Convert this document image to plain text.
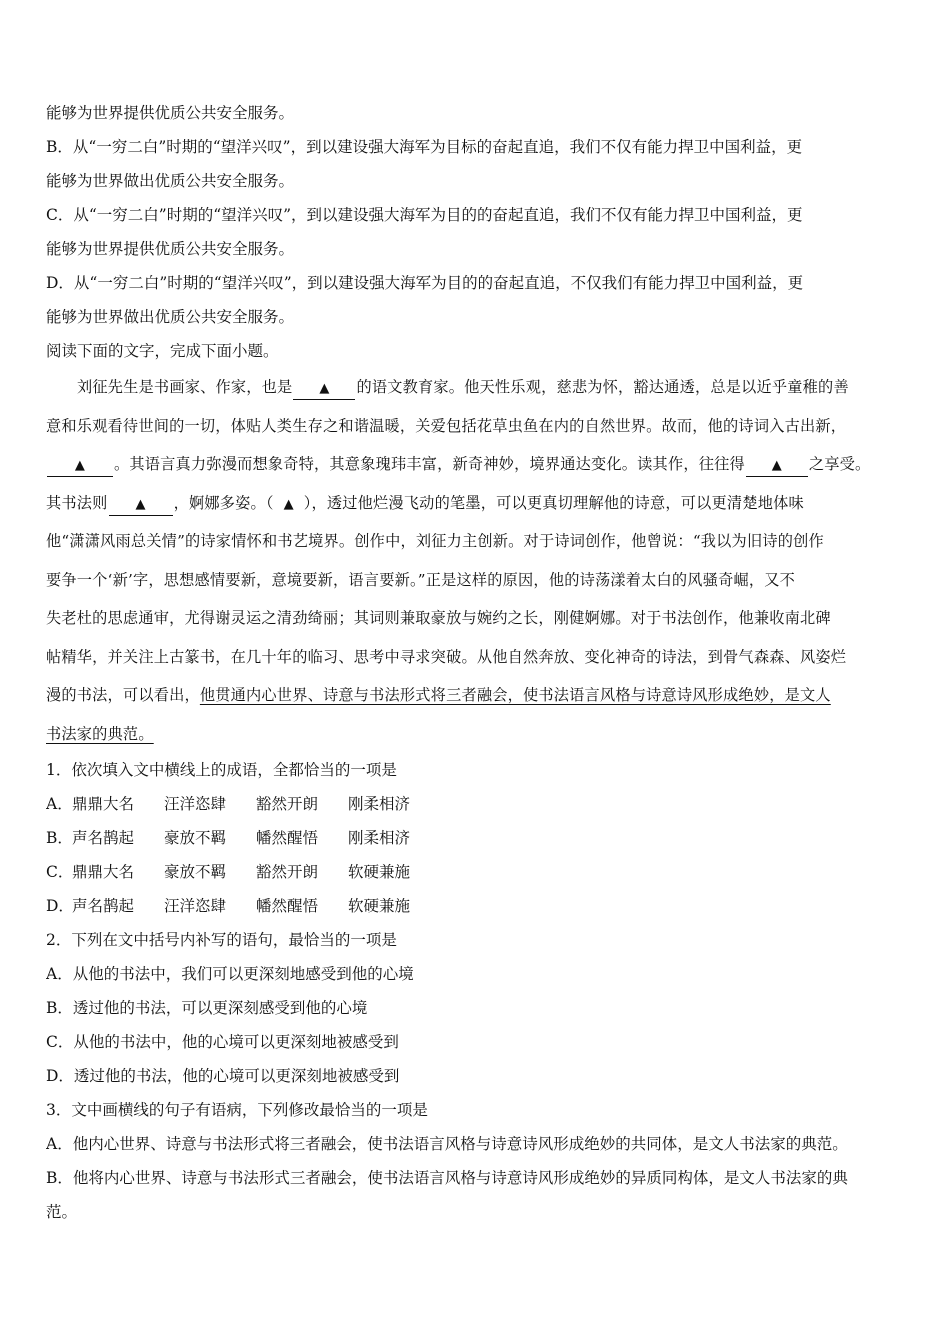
能够为世界提供优质公共安全服务。
B．从“一穷二白”时期的“望洋兴叹”，到以建设强大海军为目标的奋起直追，我们不仅有能力捍卫中国利益，更
能够为世界做出优质公共安全服务。
C．从“一穷二白”时期的“望洋兴叹”，到以建设强大海军为目的的奋起直追，我们不仅有能力捍卫中国利益，更
能够为世界提供优质公共安全服务。
D．从“一穷二白”时期的“望洋兴叹”，到以建设强大海军为目的的奋起直追，不仅我们有能力捍卫中国利益，更
能够为世界做出优质公共安全服务。
阅读下面的文字，完成下面小题。
刘征先生是书画家、作家，也是 ▲ 的语文教育家。他天性乐观，慈悲为怀，豁达通透，总是以近乎童稚的善
意和乐观看待世间的一切，体贴人类生存之和谐温暖，关爱包括花草虫鱼在内的自然世界。故而，他的诗词入古出新，
▲ 。其语言真力弥漫而想象奇特，其意象瑰玮丰富，新奇神妙，境界通达变化。读其作，往往得 ▲ 之享受。
其书法则 ▲ ，婀娜多姿。（ ▲ ），透过他烂漫飞动的笔墨，可以更真切理解他的诗意，可以更清楚地体味
他“潇潇风雨总关情”的诗家情怀和书艺境界。创作中，刘征力主创新。对于诗词创作，他曾说：“我以为旧诗的创作
要争一个‘新’字，思想感情要新，意境要新，语言要新。”正是这样的原因，他的诗荡漾着太白的风骚奇崛，又不
失老杜的思虑通审，尤得谢灵运之清劲绮丽；其词则兼取豪放与婉约之长，刚健婀娜。对于书法创作，他兼收南北碑
帖精华，并关注上古篆书，在几十年的临习、思考中寻求突破。从他自然奔放、变化神奇的诗法，到骨气森森、风姿烂
漫的书法，可以看出，他贯通内心世界、诗意与书法形式将三者融会，使书法语言风格与诗意诗风形成绝妙，是文人
书法家的典范。
1．依次填入文中横线上的成语，全都恰当的一项是
A．鼎鼎大名 汪洋恣肆 豁然开朗 刚柔相济
B．声名鹊起 豪放不羁 幡然醒悟 刚柔相济
C．鼎鼎大名 豪放不羁 豁然开朗 软硬兼施
D．声名鹊起 汪洋恣肆 幡然醒悟 软硬兼施
2．下列在文中括号内补写的语句，最恰当的一项是
A．从他的书法中，我们可以更深刻地感受到他的心境
B．透过他的书法，可以更深刻感受到他的心境
C．从他的书法中，他的心境可以更深刻地被感受到
D．透过他的书法，他的心境可以更深刻地被感受到
3．文中画横线的句子有语病，下列修改最恰当的一项是
A．他内心世界、诗意与书法形式将三者融会，使书法语言风格与诗意诗风形成绝妙的共同体，是文人书法家的典范。
B．他将内心世界、诗意与书法形式三者融会，使书法语言风格与诗意诗风形成绝妙的异质同构体，是文人书法家的典
范。
